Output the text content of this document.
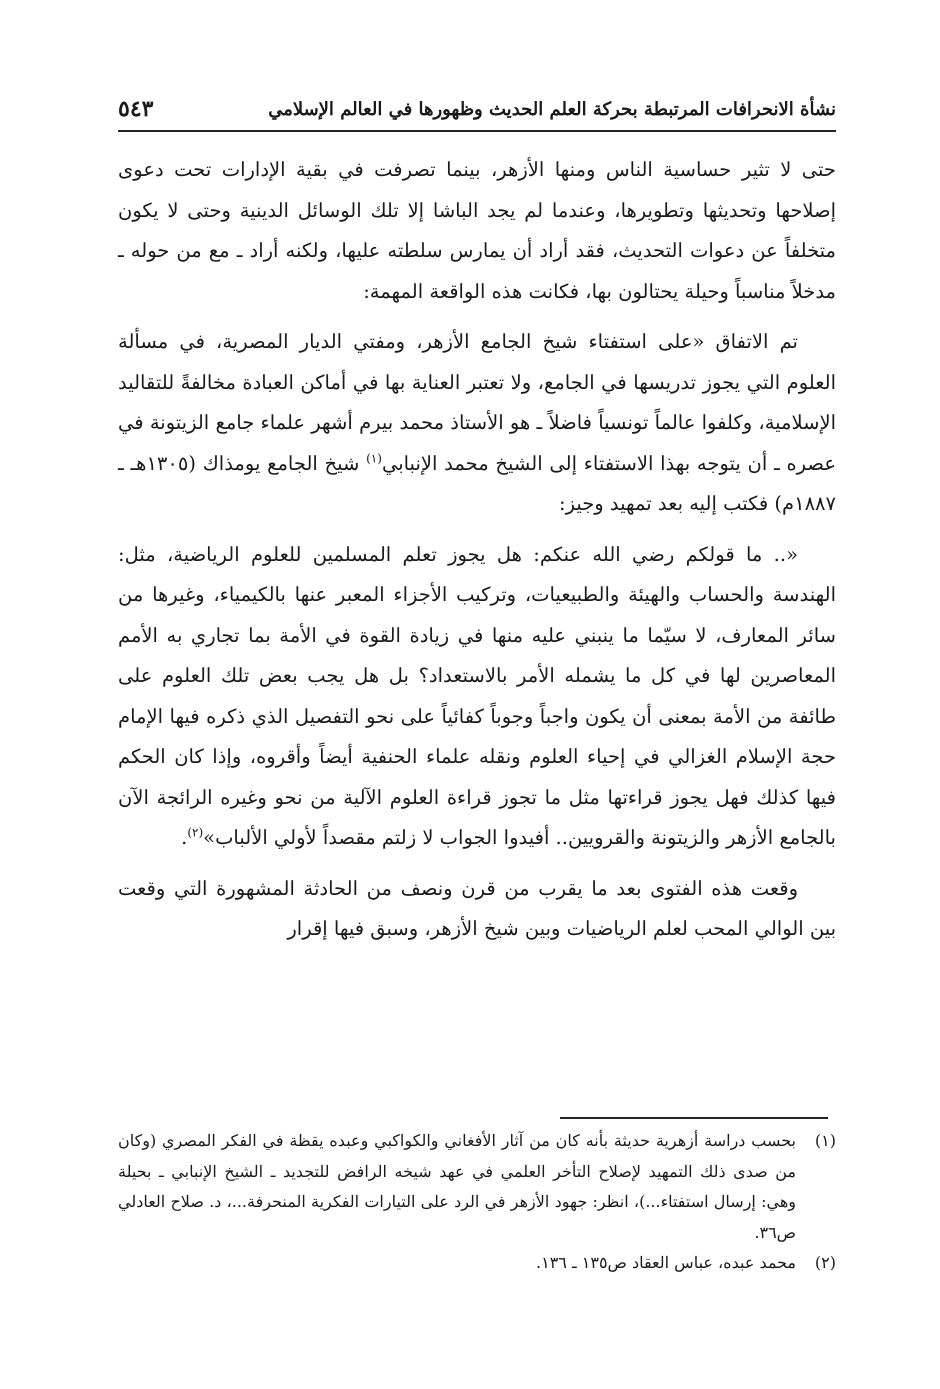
نشأة الانحرافات المرتبطة بحركة العلم الحديث وظهورها في العالم الإسلامي
٥٤٣

حتى لا تثير حساسية الناس ومنها الأزهر، بينما تصرفت في بقية الإدارات تحت دعوى إصلاحها وتحديثها وتطويرها، وعندما لم يجد الباشا إلا تلك الوسائل الدينية وحتى لا يكون متخلفاً عن دعوات التحديث، فقد أراد أن يمارس سلطته عليها، ولكنه أراد ـ مع من حوله ـ مدخلاً مناسباً وحيلة يحتالون بها، فكانت هذه الواقعة المهمة:

تم الاتفاق «على استفتاء شيخ الجامع الأزهر، ومفتي الديار المصرية، في مسألة العلوم التي يجوز تدريسها في الجامع، ولا تعتبر العناية بها في أماكن العبادة مخالفةً للتقاليد الإسلامية، وكلفوا عالماً تونسياً فاضلاً ـ هو الأستاذ محمد بيرم أشهر علماء جامع الزيتونة في عصره ـ أن يتوجه بهذا الاستفتاء إلى الشيخ محمد الإنبابي$^{(١)}$ شيخ الجامع يومذاك (١٣٠٥هـ ـ ١٨٨٧م) فكتب إليه بعد تمهيد وجيز:

«.. ما قولكم رضي الله عنكم: هل يجوز تعلم المسلمين للعلوم الرياضية، مثل: الهندسة والحساب والهيئة والطبيعيات، وتركيب الأجزاء المعبر عنها بالكيمياء، وغيرها من سائر المعارف، لا سيّما ما ينبني عليه منها في زيادة القوة في الأمة بما تجاري به الأمم المعاصرين لها في كل ما يشمله الأمر بالاستعداد؟ بل هل يجب بعض تلك العلوم على طائفة من الأمة بمعنى أن يكون واجباً وجوباً كفائياً على نحو التفصيل الذي ذكره فيها الإمام حجة الإسلام الغزالي في إحياء العلوم ونقله علماء الحنفية أيضاً وأقروه، وإذا كان الحكم فيها كذلك فهل يجوز قراءتها مثل ما تجوز قراءة العلوم الآلية من نحو وغيره الرائجة الآن بالجامع الأزهر والزيتونة والقرويين.. أفيدوا الجواب لا زلتم مقصداً لأولي الألباب»$^{(٢)}$.

وقعت هذه الفتوى بعد ما يقرب من قرن ونصف من الحادثة المشهورة التي وقعت بين الوالي المحب لعلم الرياضيات وبين شيخ الأزهر، وسبق فيها إقرار

(١)
بحسب دراسة أزهرية حديثة بأنه كان من آثار الأفغاني والكواكبي وعبده يقظة في الفكر المصري (وكان من صدى ذلك التمهيد لإصلاح التأخر العلمي في عهد شيخه الرافض للتجديد ـ الشيخ الإنبابي ـ بحيلة وهي: إرسال استفتاء...)، انظر: جهود الأزهر في الرد على التيارات الفكرية المنحرفة...، د. صلاح العادلي ص٣٦.
(٢)
محمد عبده، عباس العقاد ص١٣٥ ـ ١٣٦.
